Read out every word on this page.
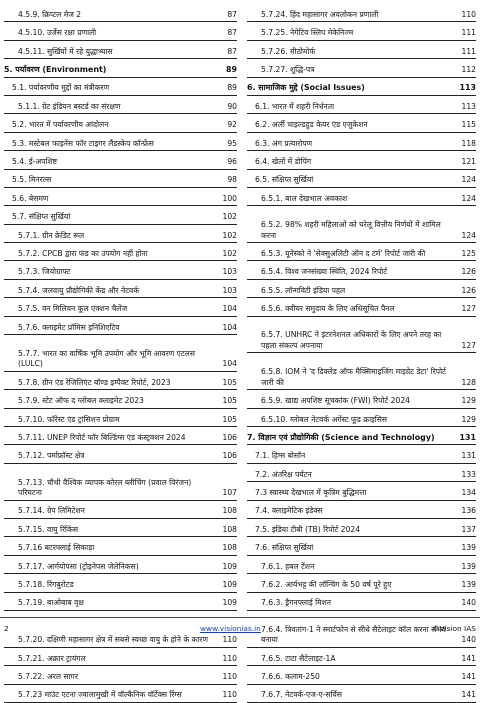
4.5.9. क्रिप्टल मेज 2	87
4.5.10. उर्जेस रक्षा प्रणाली	87
4.5.11. सुर्खियों में रहे युद्धाभ्यास	87
5. पर्यावरण (Environment)	89
5.1. पर्यावरणीय मुद्दों का मंत्रीकरण	89
5.1.1. ग्रेट इंडियन बस्टर्ड का संरक्षण	90
5.2. भारत में पर्यावरणीय आंदोलन	92
5.3. मस्टेबल फाइनेंस फॉर टाइगर लैंडस्केप कॉन्फ्रेंस	95
5.4. ई-अपशिष्ट	96
5.5. मिनरल्स	98
5.6. बेसमण	100
5.7. संक्षिप्त सुर्खियां	102
5.7.1. ग्रीन क्रेडिट रूल	102
5.7.2. CPCB द्वारा फंड का उपयोग नहीं होना	102
5.7.3. जियोग्राफ्ट	103
5.7.4. जलवायु प्रौद्योगिकी केंद्र और नेटवर्क	103
5.7.5. वन मिलियन कूल एक्शन चैलेंज	104
5.7.6. क्लाइमेट प्रॉमिस इनिशिएटिव	104
5.7.7. भारत का वार्षिक भूमि उपयोग और भूमि आवरण एटलस (LULC)	104
5.7.8. ग्रीन एंड रेजिलिएंट बॉण्ड इम्पैक्ट रिपोर्ट, 2023	105
5.7.9. स्टेट ऑफ द ग्लोबल क्लाइमेट 2023	105
5.7.10. फॉरेस्ट एंड ट्रांसिशन प्रोग्राम	105
5.7.11. UNEP रिपोर्ट फॉर बिल्डिंग्स एंड कंस्ट्रक्शन 2024	106
5.7.12. पर्माफ्रॉस्ट क्षेत्र	106
5.7.13. चौथी वैश्विक व्यापक कोरल ब्लीचिंग (प्रवाल विरंजन) परिघटना	107
5.7.14. ग्रेप लिमिटेशन	108
5.7.15. वायु रिंकिंस	108
5.7.16 बटरफ्लाई सिकाड़ा	108
5.7.17. आर्गयोपसा (ट्रोइनेपस जेलेनिकस)	109
5.7.18. रिंगबुरोटड	109
5.7.19. बाओबाब वृक्ष	109
5.7.20. दक्षिणी महासागर क्षेत्र में सबसे स्वच्छ वायु के होने के कारण	110
5.7.21. अक्रार ट्रायंगल	110
5.7.22. अरल सागर	110
5.7.23 माउंट एटना ज्वालामुखी में वॉल्कैनिक वॉर्टेक्स रिंग्स	110
5.7.24. हिंद महासागर अवलोकन प्रणाली	110
5.7.25. नेगेटिव स्लिप मेकेनिज्म	111
5.7.26. मीठोमोर्फ	111
5.7.27. शुद्धि-पत्र	112
6. सामाजिक मुद्दे (Social Issues)	113
6.1. भारत में शहरी निर्धनता	113
6.2. अर्ली चाइल्डहुड केयर एंड एजुकेशन	115
6.3. अंग प्रत्यारोपण	118
6.4. खेलों में डोपिंग	121
6.5. संक्षिप्त सुर्खियां	124
6.5.1. बाल देखभाल अवकाश	124
6.5.2. 98% शहरी महिलाओं को घरेलू वित्तीय निर्णयों में शामिल करना	124
6.5.3. यूनेस्को ने 'सेक्सुअलिटी ऑन द टर्म' रिपोर्ट जारी की	125
6.5.4. विश्व जनसंख्या स्थिति, 2024 रिपोर्ट	126
6.5.5. लॉन्गविटी इंडिया पहल	126
6.5.6. क्वीयर समुदाय के लिए अधिसूचित पैनल	127
6.5.7. UNHRC ने इंटरनेशनल अधिकारों के लिए अपने तरह का पहला संकल्प अपनाया	127
6.5.8. IOM ने 'द डिक्लेड ऑफ मैक्सिमाइजिंग माइग्रेट डेटा' रिपोर्ट जारी की	128
6.5.9. खाद्य अपशिष्ट सूचकांक (FWI) रिपोर्ट 2024	129
6.5.10. ग्लोबल नेटवर्क अगेंस्ट फूड क्राइसिस	129
7. विज्ञान एवं प्रौद्योगिकी (Science and Technology)	131
7.1. हिग्स बोसॉन	131
7.2. अंतरिक्ष पर्यटन	133
7.3 स्वास्थ्य देखभाल में कृत्रिम बुद्धिमत्ता	134
7.4. क्लाइमेटिक इंडेक्स	136
7.5. इंडिया टीबी (TB) रिपोर्ट 2024	137
7.6. संक्षिप्त सुर्खियां	139
7.6.1. हबल टेंशन	139
7.6.2. आर्यभट्ट की लॉन्चिंग के 50 वर्ष पूरे हुए	139
7.6.3. ड्रैगनफ्लाई मिशन	140
7.6.4. त्रिवतांग-1 ने स्मार्टफोन से सीधे सैटेलाइट कॉल करना संभव बनाया	140
7.6.5. टाटा सैटेलाइट-1A	141
7.6.6. कलाम-250	141
7.6.7. नेटवर्क-एज-ए-सर्विस	141
2	www.visionias.in	©Vision IAS
